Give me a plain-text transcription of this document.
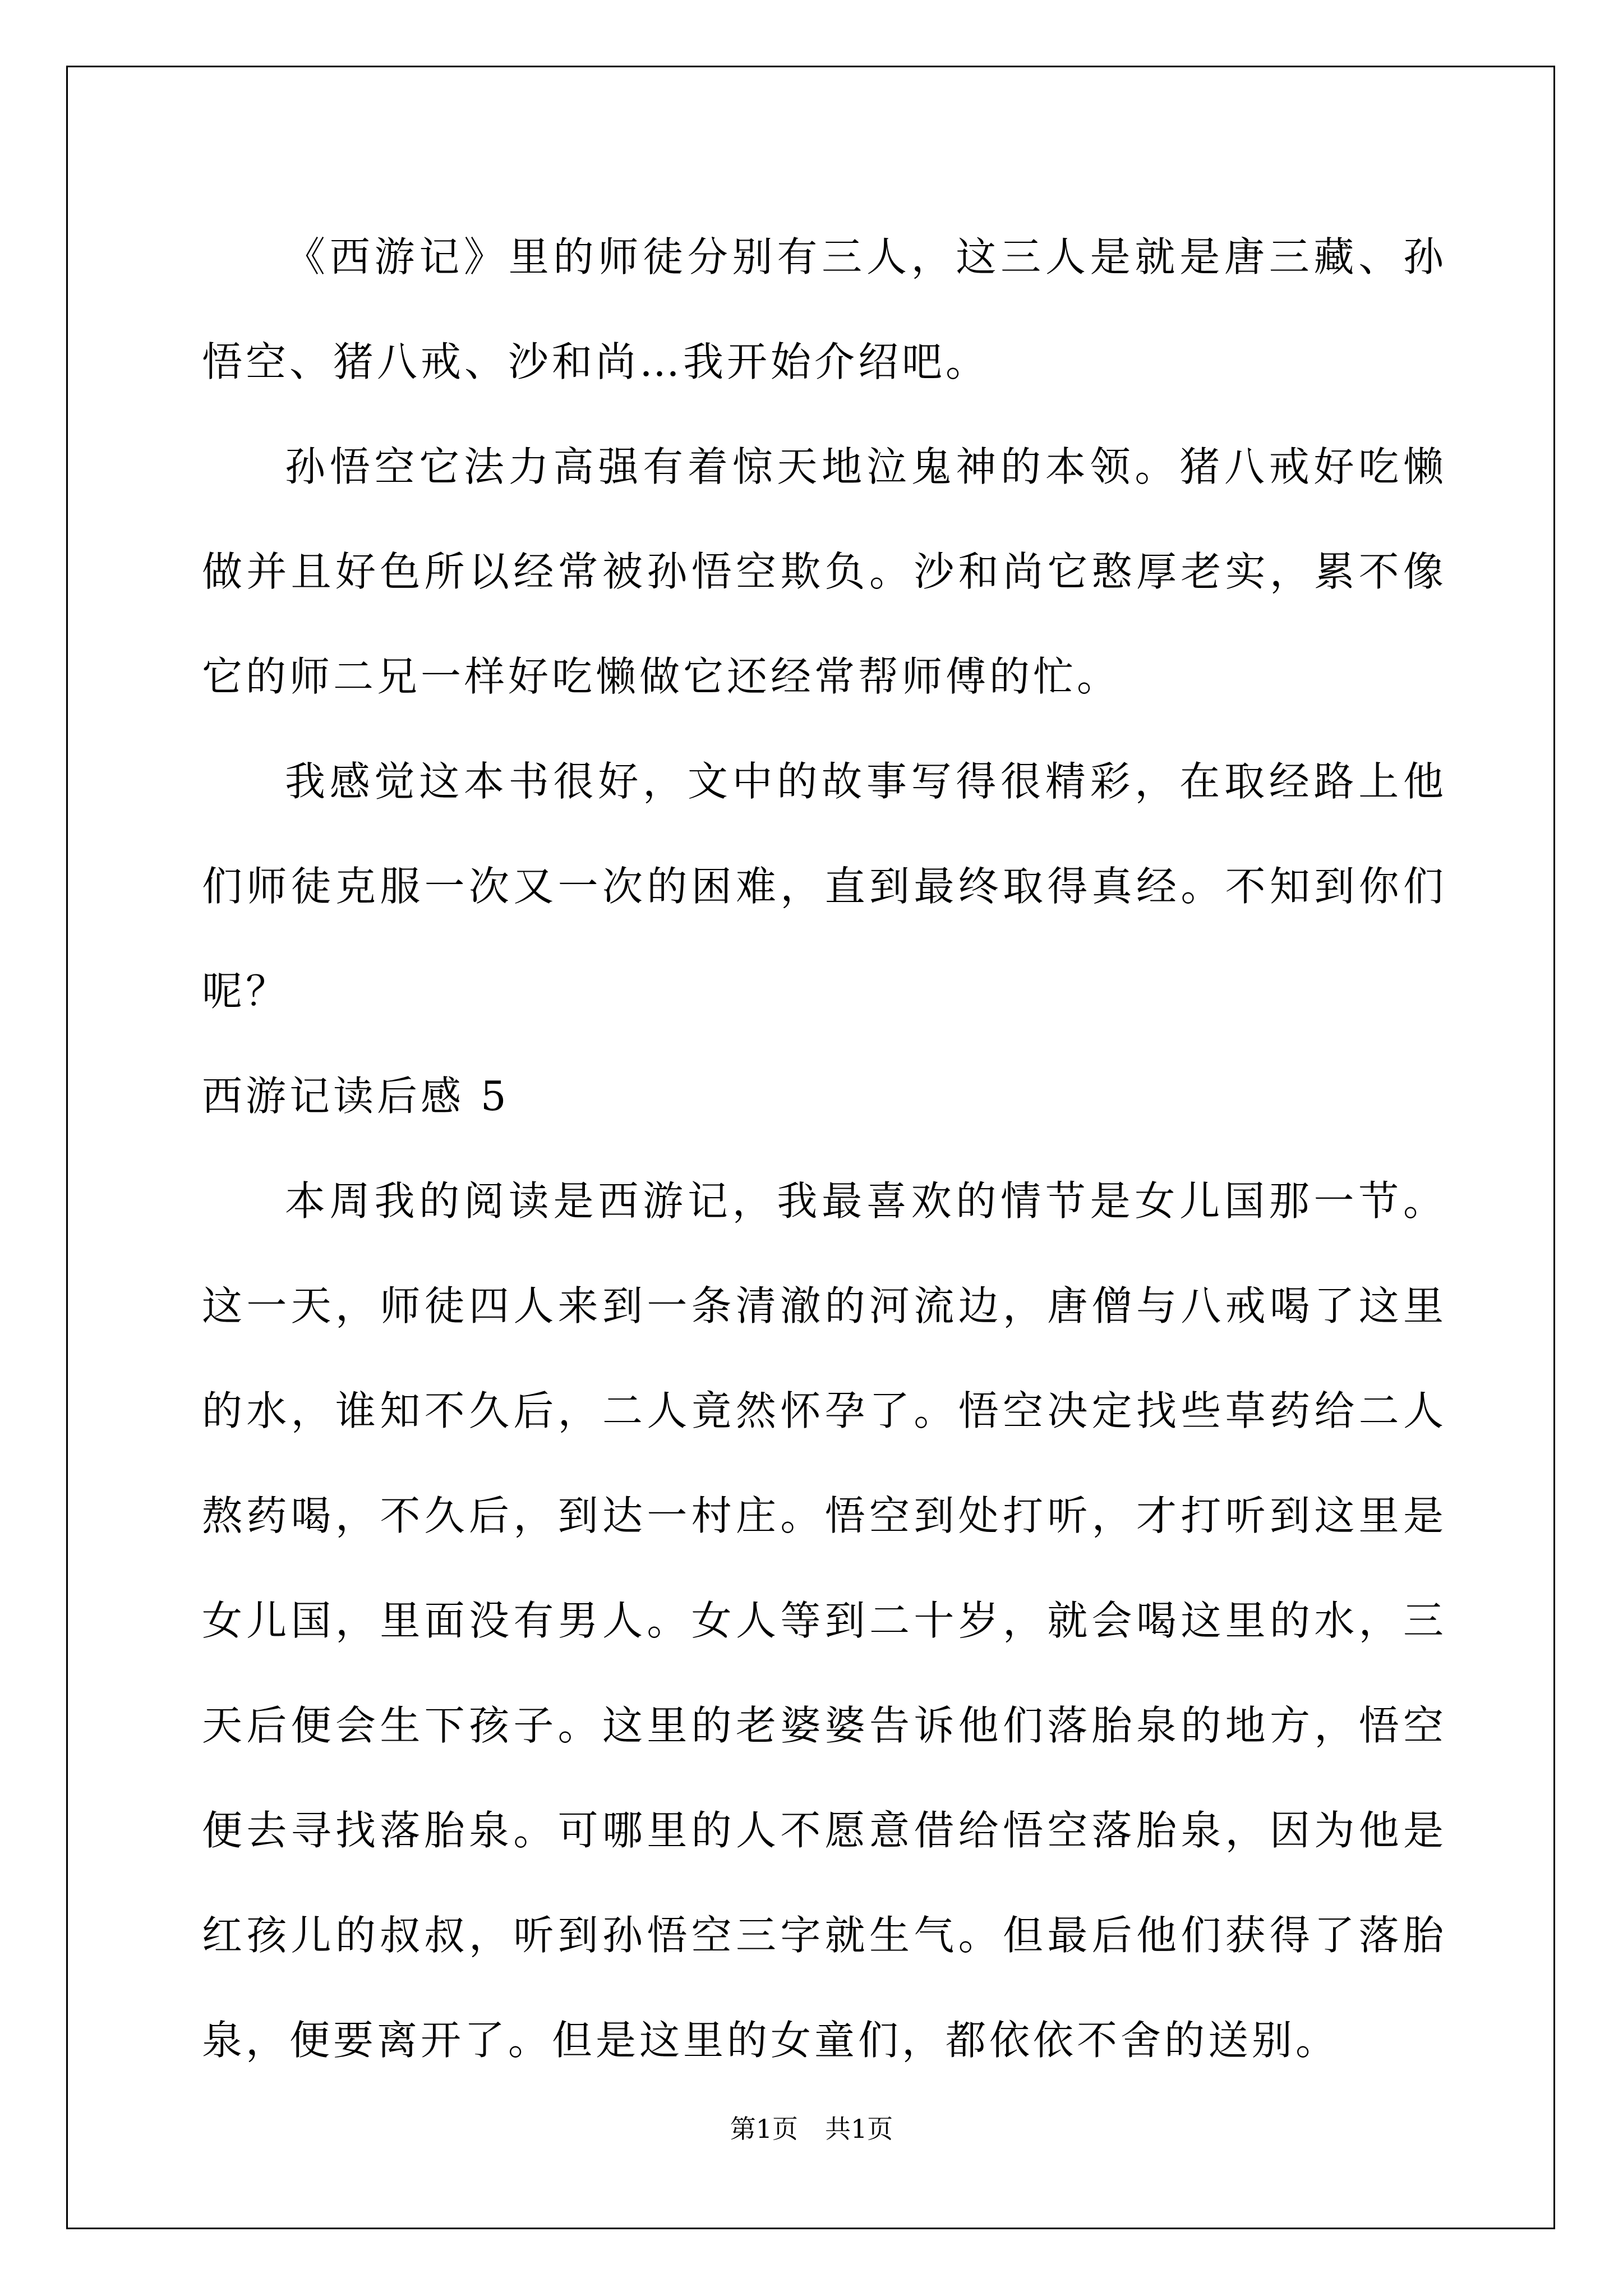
《西游记》里的师徒分别有三人，这三人是就是唐三藏、孙悟空、猪八戒、沙和尚…我开始介绍吧。

孙悟空它法力高强有着惊天地泣鬼神的本领。猪八戒好吃懒做并且好色所以经常被孙悟空欺负。沙和尚它憨厚老实，累不像它的师二兄一样好吃懒做它还经常帮师傅的忙。

我感觉这本书很好，文中的故事写得很精彩，在取经路上他们师徒克服一次又一次的困难，直到最终取得真经。不知到你们呢？

西游记读后感 5

本周我的阅读是西游记，我最喜欢的情节是女儿国那一节。这一天，师徒四人来到一条清澈的河流边，唐僧与八戒喝了这里的水，谁知不久后，二人竟然怀孕了。悟空决定找些草药给二人熬药喝，不久后，到达一村庄。悟空到处打听，才打听到这里是女儿国，里面没有男人。女人等到二十岁，就会喝这里的水，三天后便会生下孩子。这里的老婆婆告诉他们落胎泉的地方，悟空便去寻找落胎泉。可哪里的人不愿意借给悟空落胎泉，因为他是红孩儿的叔叔，听到孙悟空三字就生气。但最后他们获得了落胎泉，便要离开了。但是这里的女童们，都依依不舍的送别。

第1页 共1页
